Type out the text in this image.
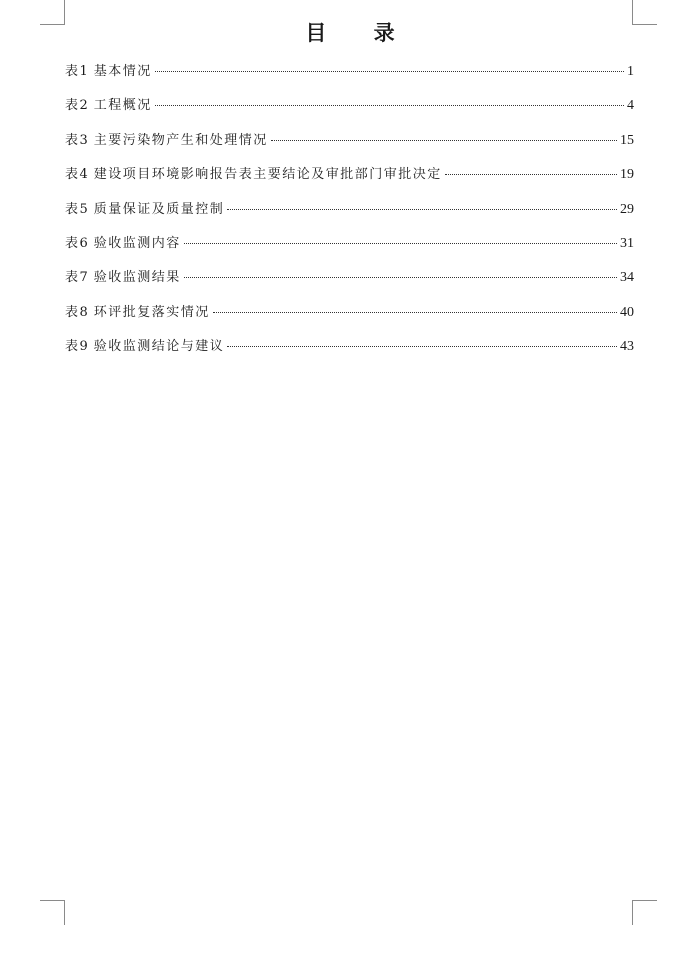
目 录
表1 基本情况	1
表2 工程概况	4
表3 主要污染物产生和处理情况	15
表4 建设项目环境影响报告表主要结论及审批部门审批决定	19
表5 质量保证及质量控制	29
表6 验收监测内容	31
表7 验收监测结果	34
表8 环评批复落实情况	40
表9 验收监测结论与建议	43
